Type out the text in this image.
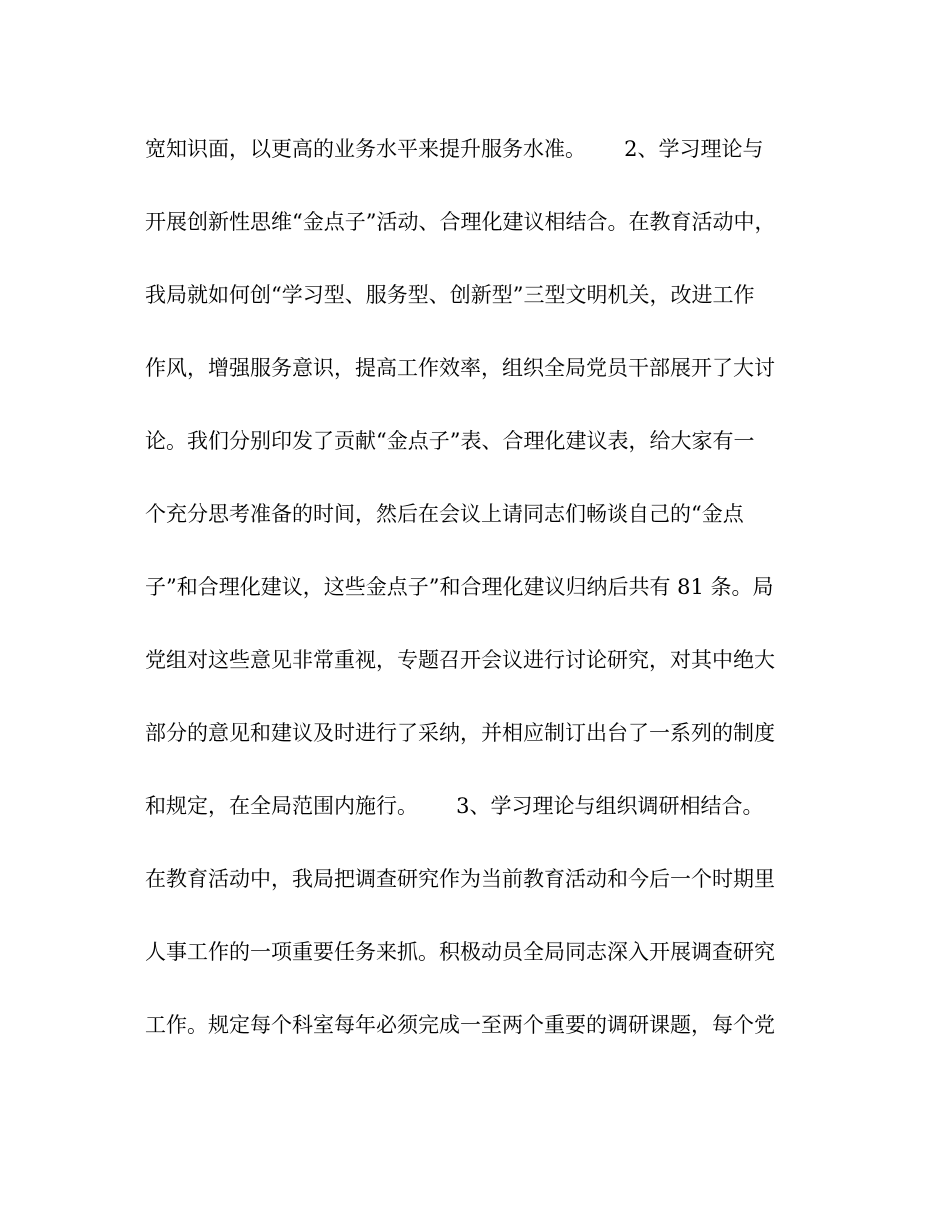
宽知识面，以更高的业务水平来提升服务水准。　　 2、学习理论与
开展创新性思维“金点子”活动、合理化建议相结合。在教育活动中，
我局就如何创“学习型、服务型、创新型”三型文明机关，改进工作
作风，增强服务意识，提高工作效率，组织全局党员干部展开了大讨
论。我们分别印发了贡献“金点子”表、合理化建议表，给大家有一
个充分思考准备的时间，然后在会议上请同志们畅谈自己的“金点
子”和合理化建议，这些金点子”和合理化建议归纳后共有 81 条。局
党组对这些意见非常重视，专题召开会议进行讨论研究，对其中绝大
部分的意见和建议及时进行了采纳，并相应制订出台了一系列的制度
和规定，在全局范围内施行。　　 3、学习理论与组织调研相结合。
在教育活动中，我局把调查研究作为当前教育活动和今后一个时期里
人事工作的一项重要任务来抓。积极动员全局同志深入开展调查研究
工作。规定每个科室每年必须完成一至两个重要的调研课题，每个党
